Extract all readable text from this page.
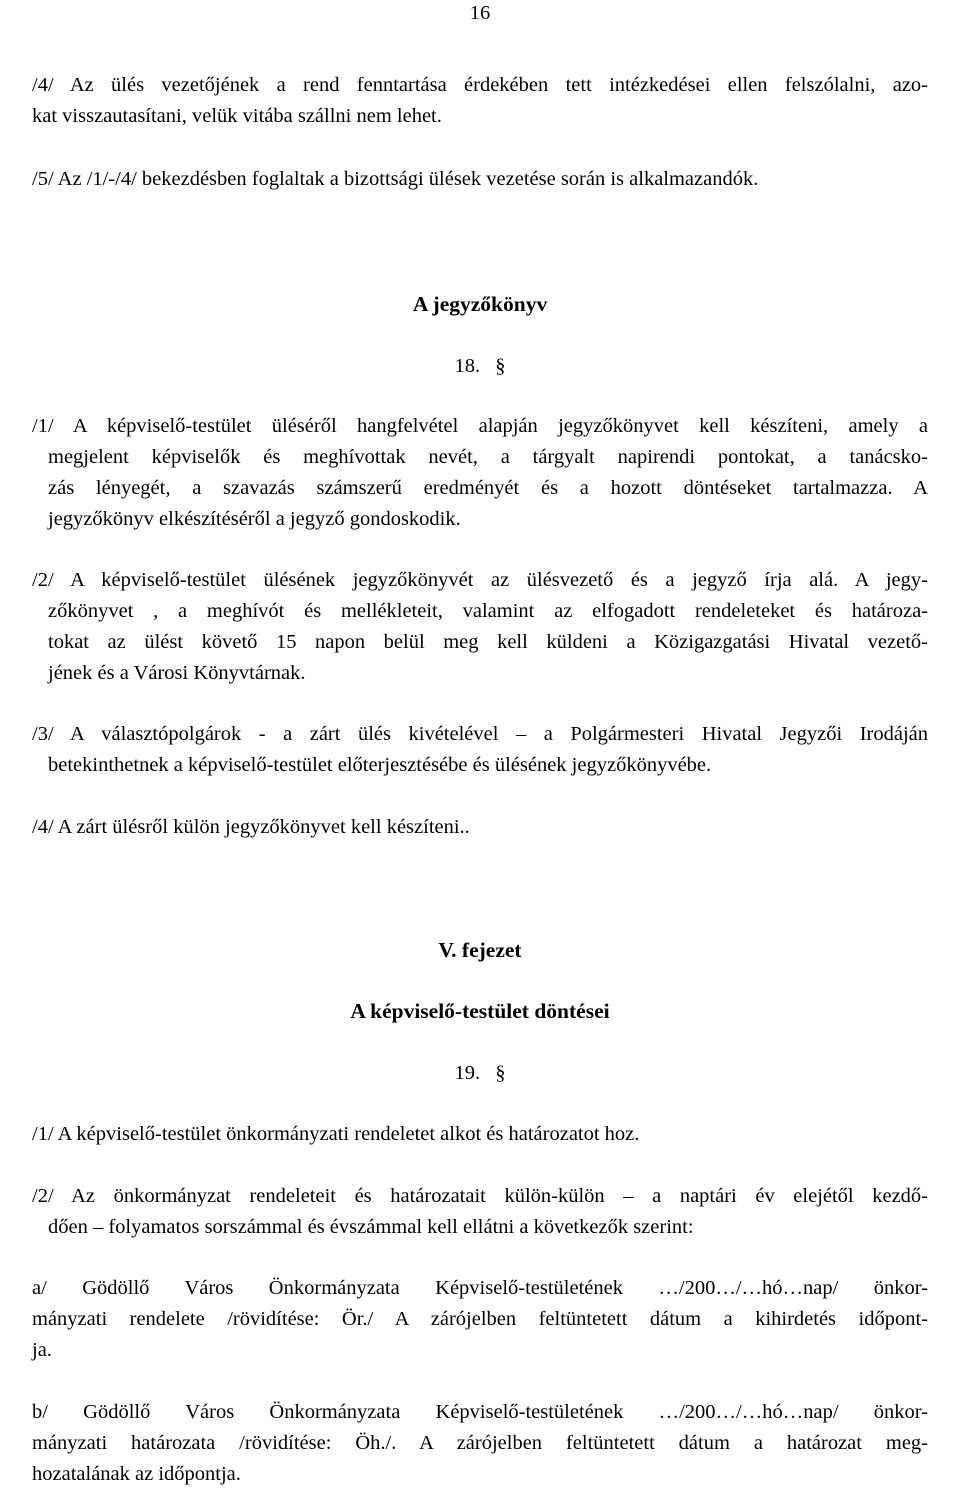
16
/4/ Az ülés vezetőjének a rend fenntartása érdekében tett intézkedései ellen felszólalni, azo-
kat visszautasítani, velük vitába szállni nem lehet.
/5/ Az /1/-/4/ bekezdésben foglaltak a bizottsági ülések vezetése során is alkalmazandók.
A jegyzőkönyv
18. §
/1/ A képviselő-testület üléséről hangfelvétel alapján jegyzőkönyvet kell készíteni, amely a
megjelent képviselők és meghívottak nevét, a tárgyalt napirendi pontokat, a tanácsko-
zás lényegét, a szavazás számszerű eredményét és a hozott döntéseket tartalmazza. A
jegyzőkönyv elkészítéséről a jegyző gondoskodik.
/2/ A képviselő-testület ülésének jegyzőkönyvét az ülésvezető és a jegyző írja alá. A jegy-
zőkönyvet , a meghívót és mellékleteit, valamint az elfogadott rendeleteket és határoza-
tokat az ülést követő 15 napon belül meg kell küldeni a Közigazgatási Hivatal vezető-
jének és a Városi Könyvtárnak.
/3/ A választópolgárok - a zárt ülés kivételével – a Polgármesteri Hivatal Jegyzői Irodáján
betekinthetnek a képviselő-testület előterjesztésébe és ülésének jegyzőkönyvébe.
/4/ A zárt ülésről külön jegyzőkönyvet kell készíteni..
V. fejezet
A képviselő-testület döntései
19. §
/1/ A képviselő-testület önkormányzati rendeletet alkot és határozatot hoz.
/2/ Az önkormányzat rendeleteit és határozatait külön-külön – a naptári év elejétől kezdő-
dően – folyamatos sorszámmal és évszámmal kell ellátni a következők szerint:
a/ Gödöllő Város Önkormányzata Képviselő-testületének …/200…/…hó…nap/ önkor-
mányzati rendelete /rövidítése: Ör./ A zárójelben feltüntetett dátum a kihirdetés időpont-
ja.
b/ Gödöllő Város Önkormányzata Képviselő-testületének …/200…/…hó…nap/ önkor-
mányzati határozata /rövidítése: Öh./. A zárójelben feltüntetett dátum a határozat meg-
hozatalának az időpontja.
